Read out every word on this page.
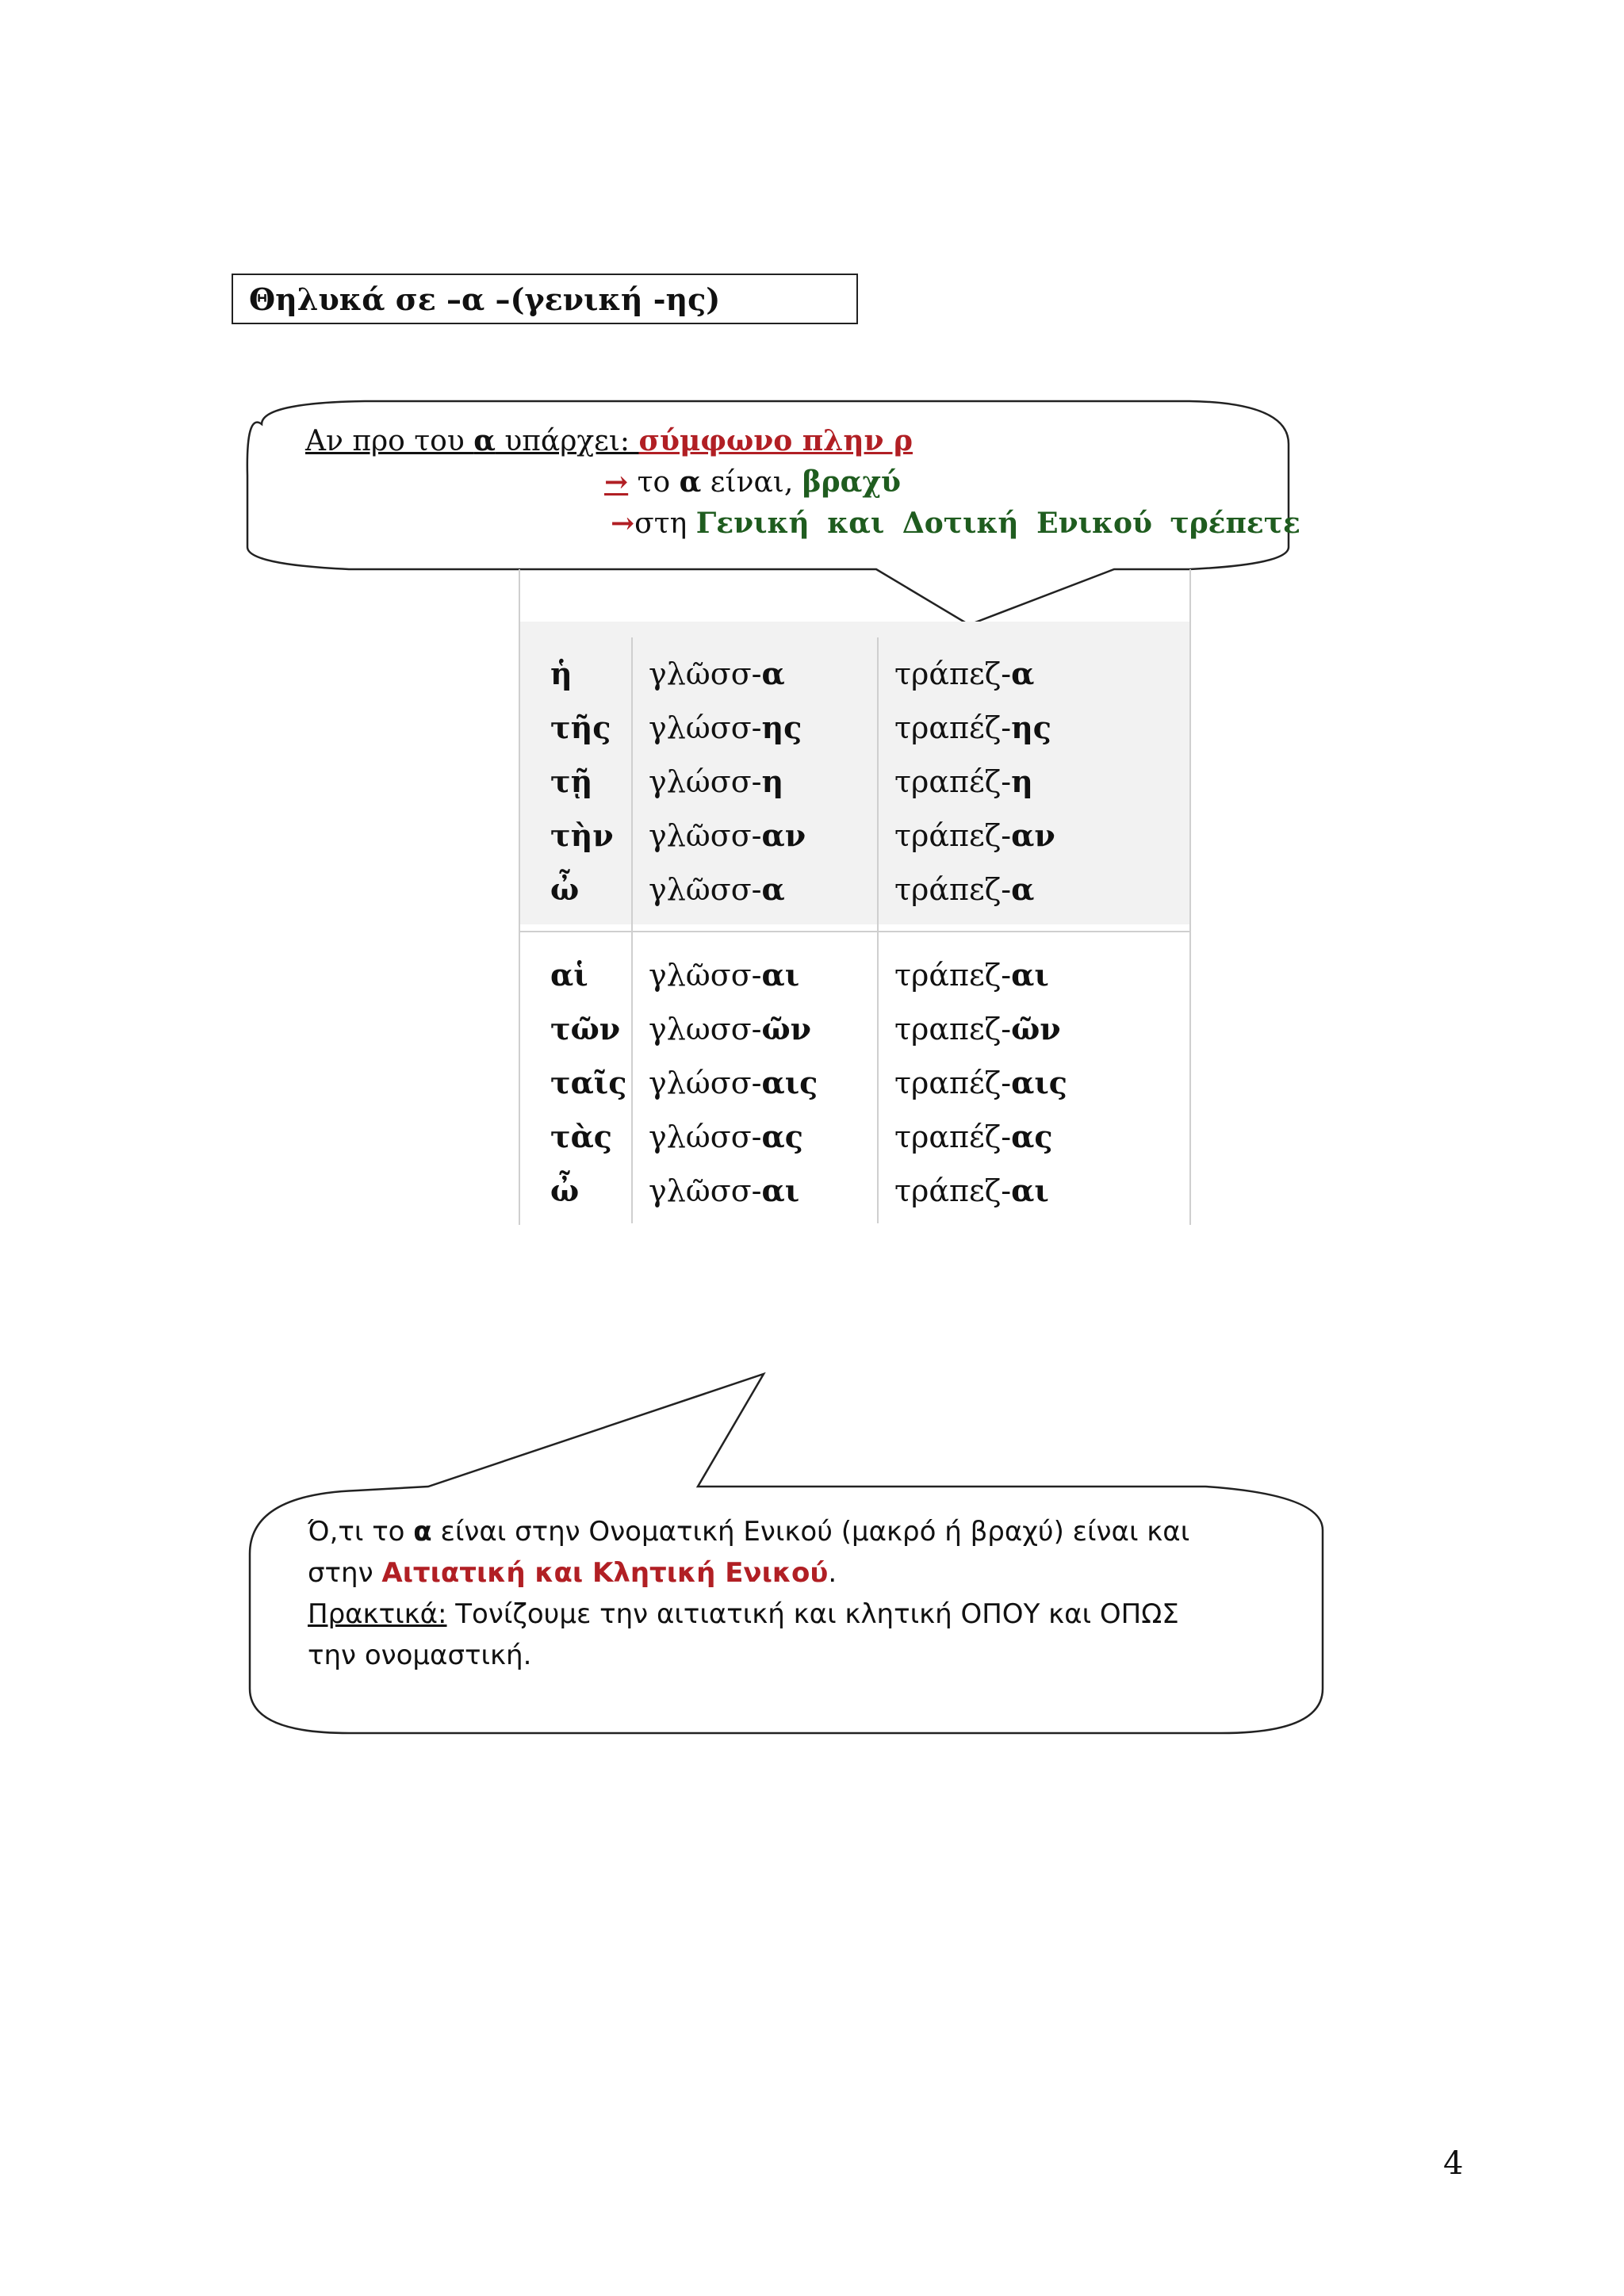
Θηλυκά σε –α –(γενική -ης)
Αν προ του α υπάρχει: σύμφωνο πλην ρ
→ το α είναι, βραχύ
→στη Γενική και Δοτική Ενικού τρέπετε
ἡ	γλῶσσ-α	τράπεζ-α
τῆς γλώσσ-ης	τραπέζ-ης
τῇ γλώσσ-η	τραπέζ-η
τὴν γλῶσσ-αν	τράπεζ-αν
ὦ γλῶσσ-α	τράπεζ-α
αἱ γλῶσσ-αι	τράπεζ-αι
τῶν γλωσσ-ῶν	τραπεζ-ῶν
ταῖς γλώσσ-αις	τραπέζ-αις
τὰς γλώσσ-ας	τραπέζ-ας
ὦ γλῶσσ-αι	τράπεζ-αι
Ό,τι το α είναι στην Ονοματική Ενικού (μακρό ή βραχύ) είναι και
στην Αιτιατική και Κλητική Ενικού.
Πρακτικά: Τονίζουμε την αιτιατική και κλητική ΟΠΟΥ και ΟΠΩΣ
την ονομαστική.
4
